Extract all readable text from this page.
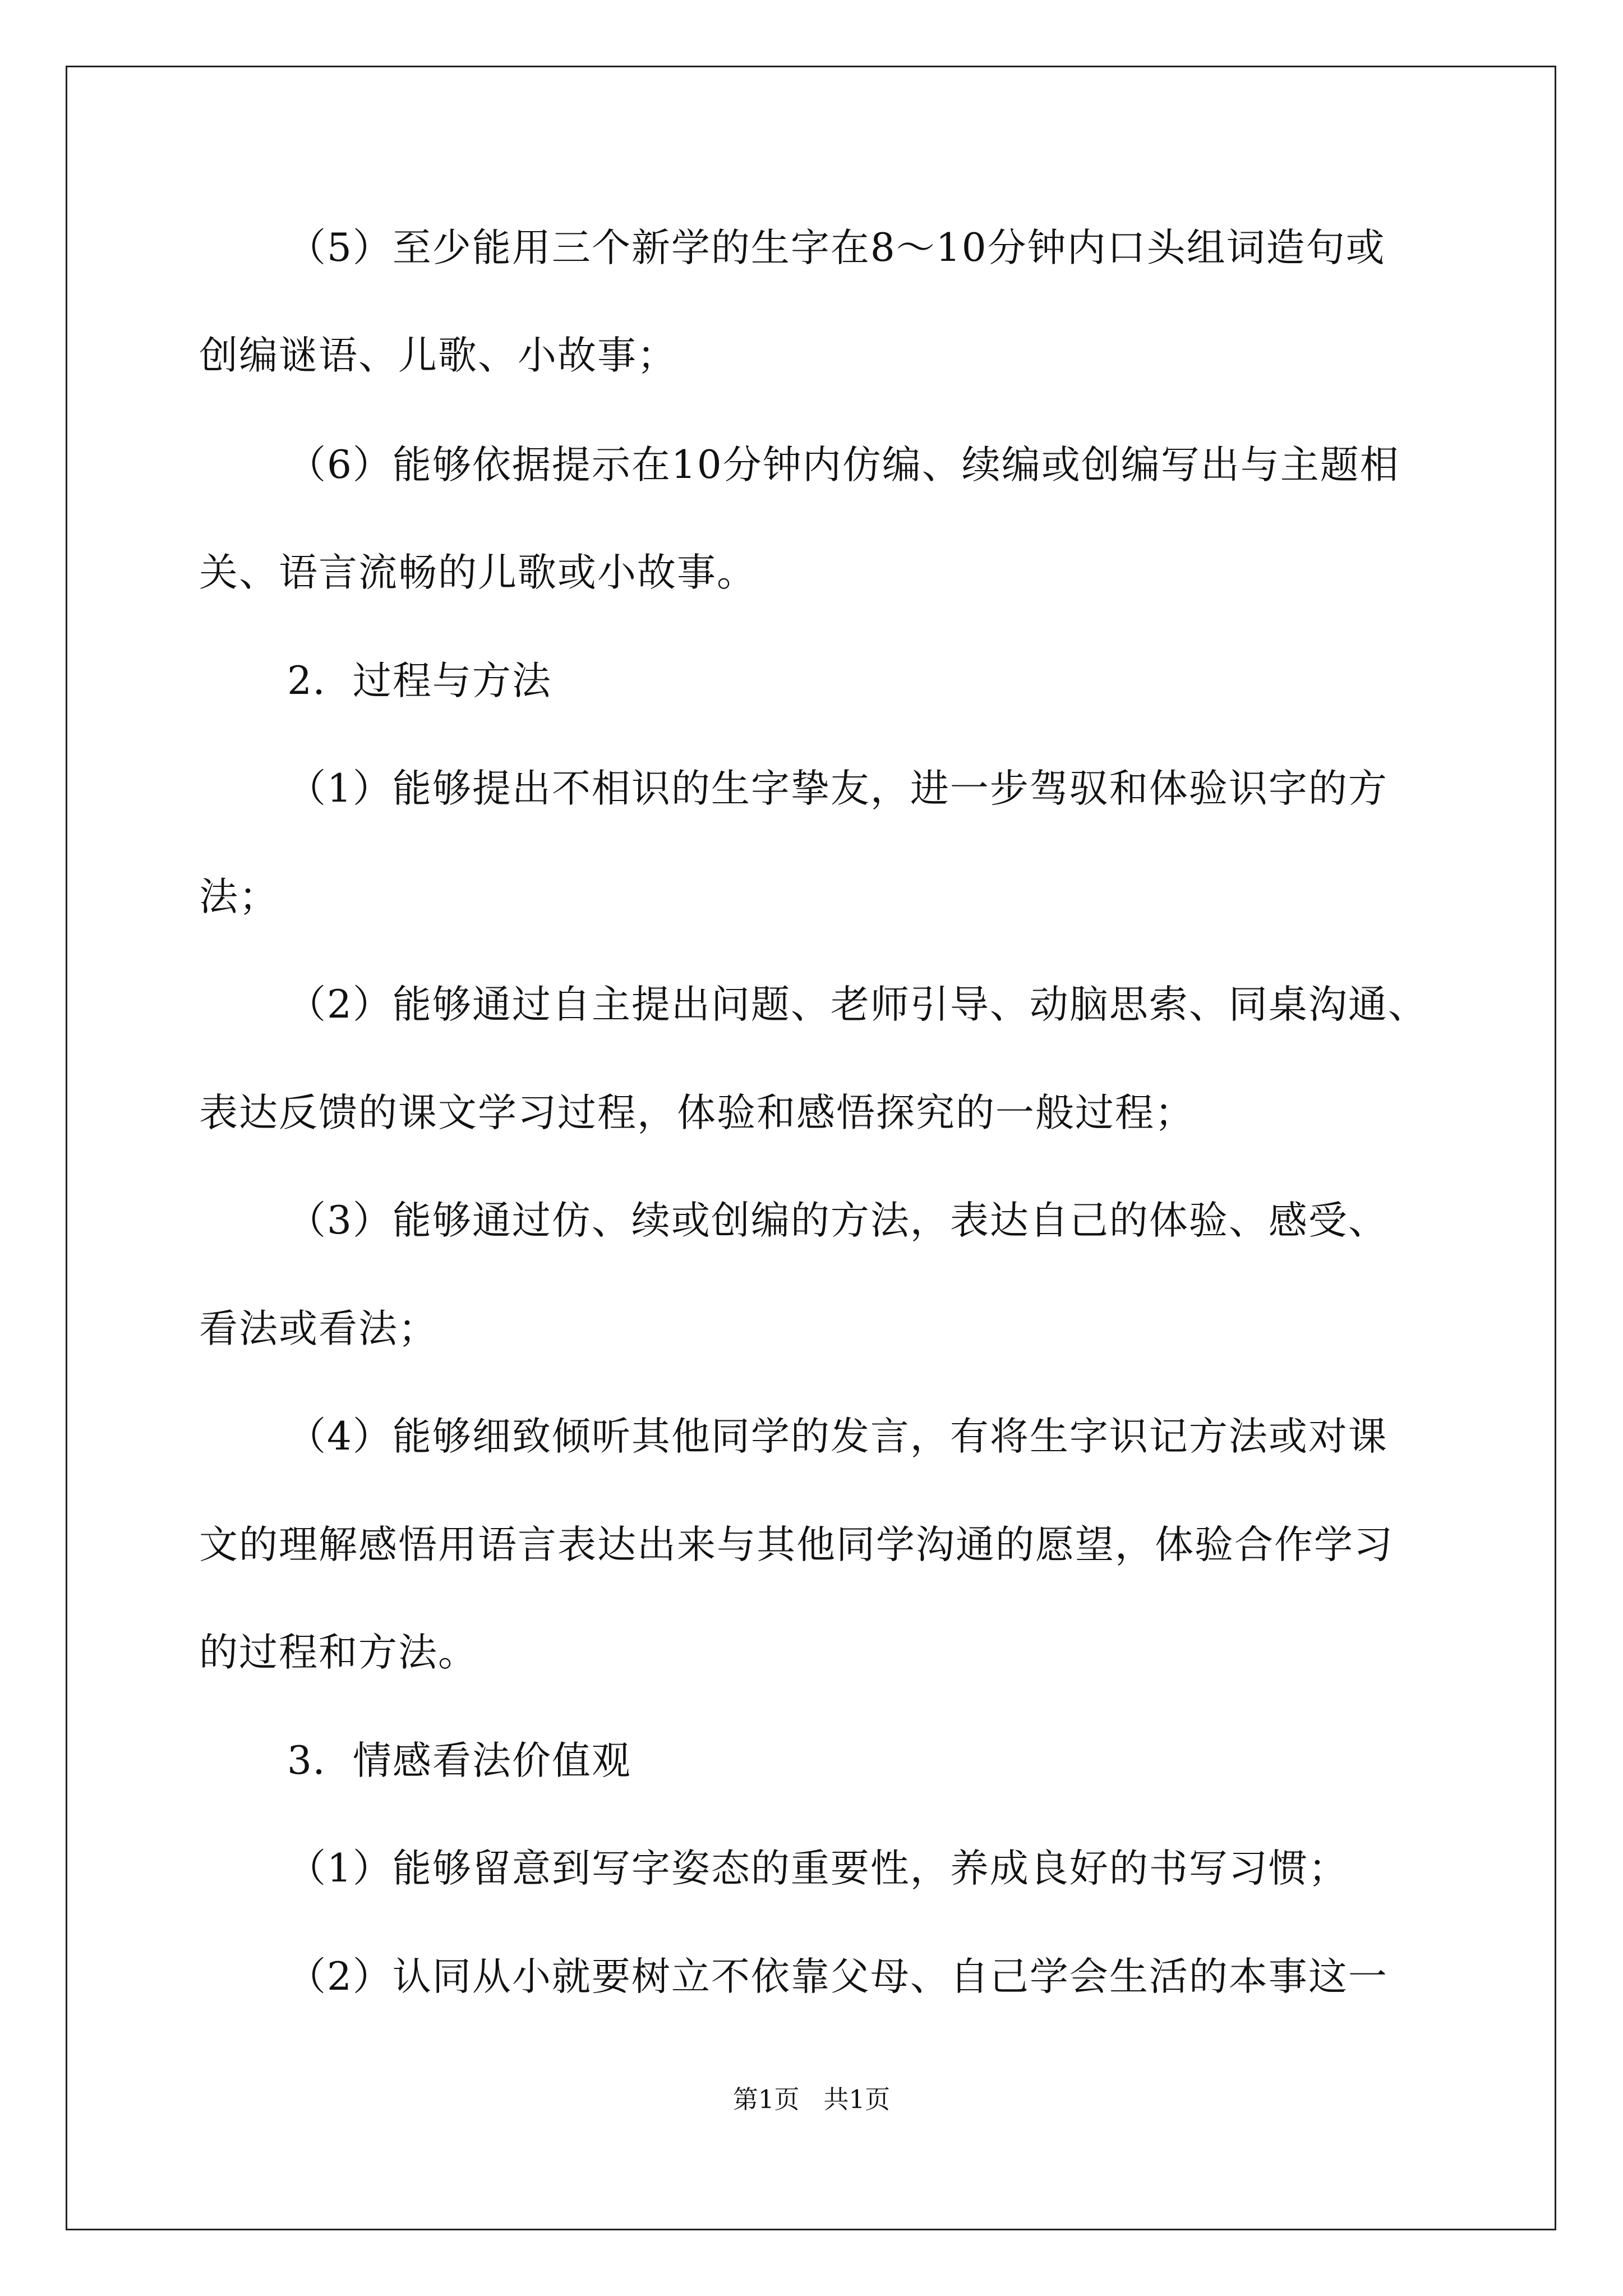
（5）至少能用三个新学的生字在8～10分钟内口头组词造句或
创编谜语、儿歌、小故事；
（6）能够依据提示在10分钟内仿编、续编或创编写出与主题相
关、语言流畅的儿歌或小故事。
2．过程与方法
（1）能够提出不相识的生字挚友，进一步驾驭和体验识字的方
法；
（2）能够通过自主提出问题、老师引导、动脑思索、同桌沟通、
表达反馈的课文学习过程，体验和感悟探究的一般过程；
（3）能够通过仿、续或创编的方法，表达自己的体验、感受、
看法或看法；
（4）能够细致倾听其他同学的发言，有将生字识记方法或对课
文的理解感悟用语言表达出来与其他同学沟通的愿望，体验合作学习
的过程和方法。
3．情感看法价值观
（1）能够留意到写字姿态的重要性，养成良好的书写习惯；
（2）认同从小就要树立不依靠父母、自己学会生活的本事这一
第1页   共1页
